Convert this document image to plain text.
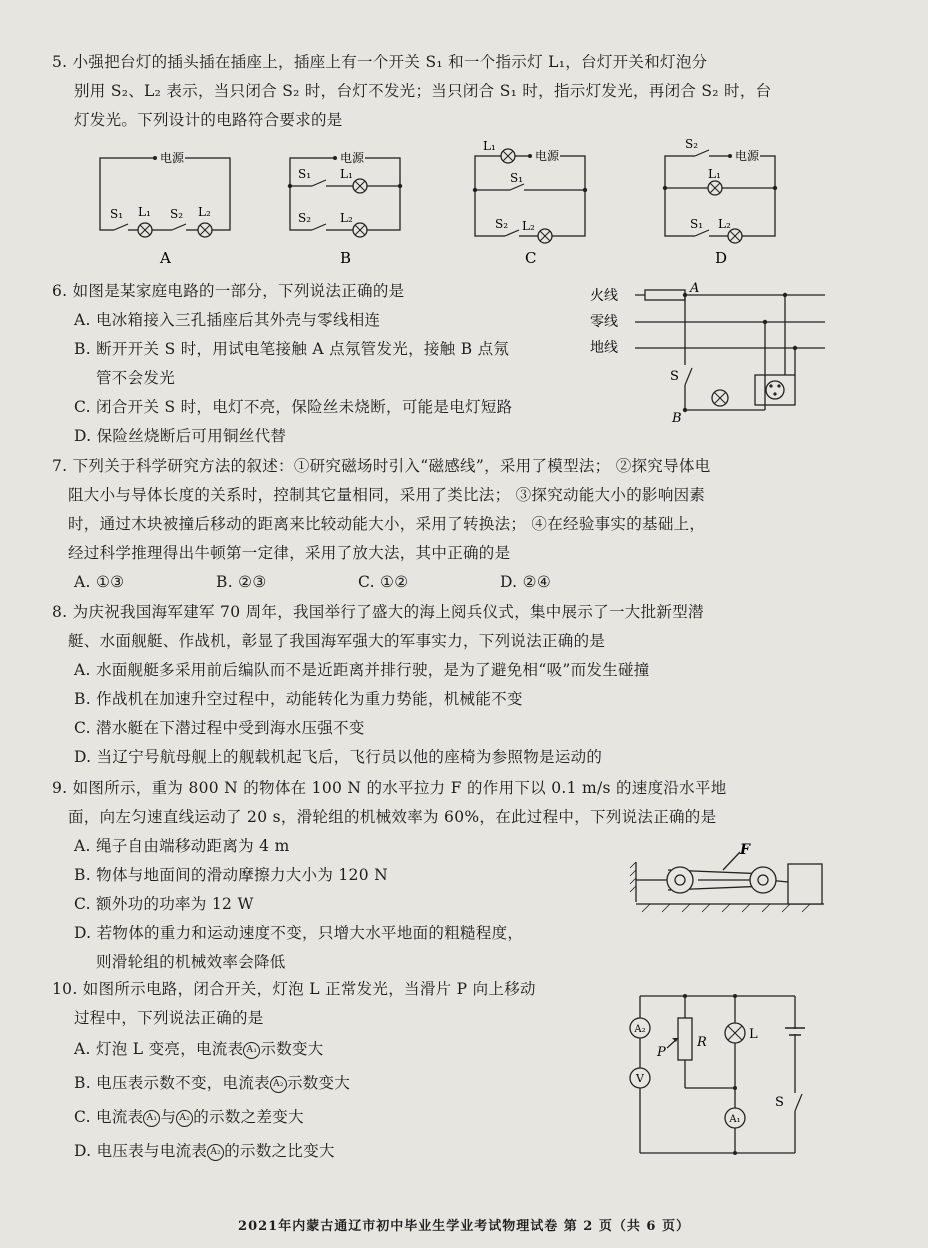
5. 小强把台灯的插头插在插座上，插座上有一个开关 S₁ 和一个指示灯 L₁，台灯开关和灯泡分

别用 S₂、L₂ 表示，当只闭合 S₂ 时，台灯不发光；当只闭合 S₁ 时，指示灯发光，再闭合 S₂ 时，台

灯发光。下列设计的电路符合要求的是

电源	电源	电源	电源
S₁ L₁ S₂ L₂
S₁ L₁
S₂ L₂
L₁
S₁
S₂ L₂
S₂
L₁
S₁ L₂
A	B	C	D

6. 如图是某家庭电路的一部分，下列说法正确的是

A. 电冰箱接入三孔插座后其外壳与零线相连

B. 断开开关 S 时，用试电笔接触 A 点氖管发光，接触 B 点氖

管不会发光

C. 闭合开关 S 时，电灯不亮，保险丝未烧断，可能是电灯短路

D. 保险丝烧断后可用铜丝代替

火线
零线
地线
A
S
B

7. 下列关于科学研究方法的叙述：①研究磁场时引入“磁感线”，采用了模型法； ②探究导体电

阻大小与导体长度的关系时，控制其它量相同，采用了类比法； ③探究动能大小的影响因素

时，通过木块被撞后移动的距离来比较动能大小，采用了转换法； ④在经验事实的基础上，

经过科学推理得出牛顿第一定律，采用了放大法，其中正确的是

A. ①③	B. ②③	C. ①②	D. ②④

8. 为庆祝我国海军建军 70 周年，我国举行了盛大的海上阅兵仪式，集中展示了一大批新型潜

艇、水面舰艇、作战机，彰显了我国海军强大的军事实力，下列说法正确的是

A. 水面舰艇多采用前后编队而不是近距离并排行驶，是为了避免相“吸”而发生碰撞

B. 作战机在加速升空过程中，动能转化为重力势能，机械能不变

C. 潜水艇在下潜过程中受到海水压强不变

D. 当辽宁号航母舰上的舰载机起飞后，飞行员以他的座椅为参照物是运动的

9. 如图所示，重为 800 N 的物体在 100 N 的水平拉力 F 的作用下以 0.1 m/s 的速度沿水平地

面，向左匀速直线运动了 20 s，滑轮组的机械效率为 60%，在此过程中，下列说法正确的是

A. 绳子自由端移动距离为 4 m

B. 物体与地面间的滑动摩擦力大小为 120 N

C. 额外功的功率为 12 W

D. 若物体的重力和运动速度不变，只增大水平地面的粗糙程度，

则滑轮组的机械效率会降低

F

10. 如图所示电路，闭合开关，灯泡 L 正常发光，当滑片 P 向上移动

过程中，下列说法正确的是

A. 灯泡 L 变亮，电流表 A₁ 示数变大

B. 电压表示数不变，电流表 A₂ 示数变大

C. 电流表 A₁ 与 A₂ 的示数之差变大

D. 电压表与电流表 A₂ 的示数之比变大

A₂
V
A₁
L
R
P
S
2021年内蒙古通辽市初中毕业生学业考试物理试卷 第 2 页（共 6 页）
